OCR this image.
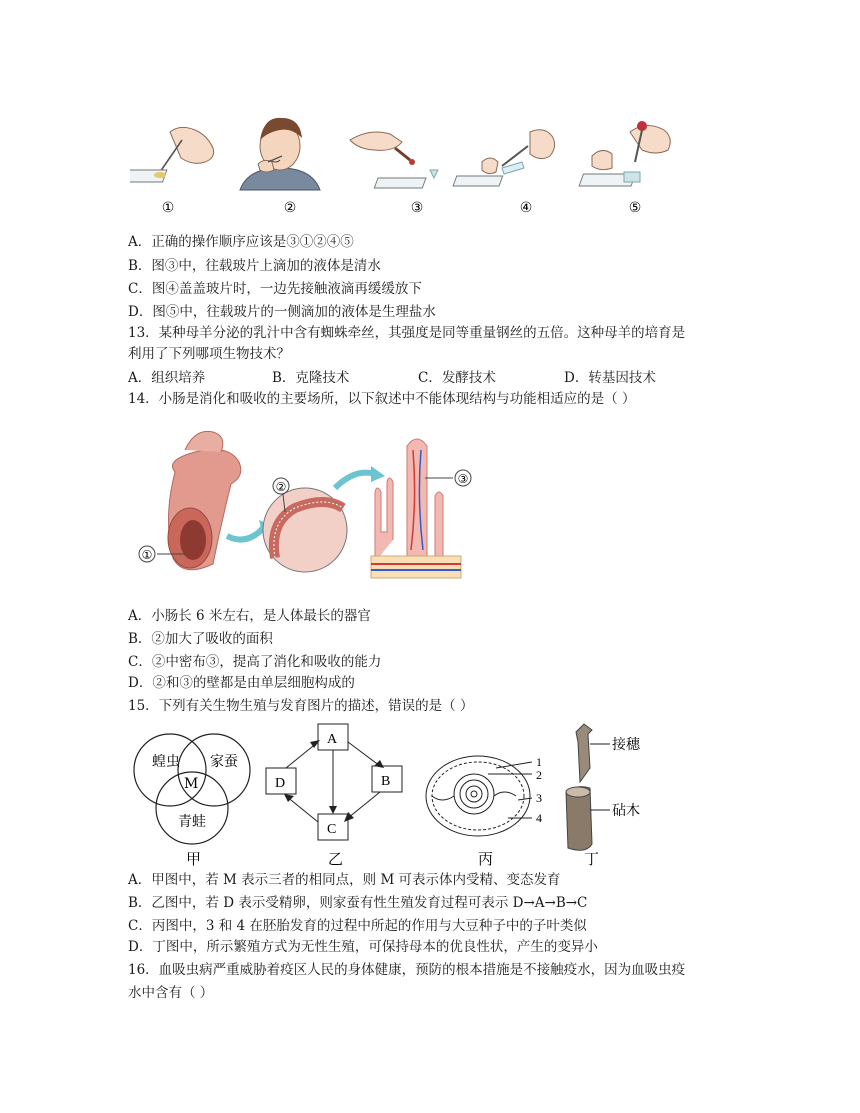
①	②	③	④	⑤
A．正确的操作顺序应该是③①②④⑤
B．图③中，往载玻片上滴加的液体是清水
C．图④盖盖玻片时，一边先接触液滴再缓缓放下
D．图⑤中，往载玻片的一侧滴加的液体是生理盐水
13．某种母羊分泌的乳汁中含有蜘蛛牵丝，其强度是同等重量钢丝的五倍。这种母羊的培育是
利用了下列哪项生物技术？
A．组织培养	B．克隆技术	C．发酵技术	D．转基因技术
14．小肠是消化和吸收的主要场所，以下叙述中不能体现结构与功能相适应的是（ ）
①
②
③
A．小肠长 6 米左右，是人体最长的器官
B．②加大了吸收的面积
C．②中密布③，提高了消化和吸收的能力
D．②和③的壁都是由单层细胞构成的
15．下列有关生物生殖与发育图片的描述，错误的是（ ）
蝗虫 家蚕
青蛙
M
A
B
C
D
1
2
3
4
接穗
砧木
甲	乙	丙	丁
A．甲图中，若 M 表示三者的相同点，则 M 可表示体内受精、变态发育
B．乙图中，若 D 表示受精卵，则家蚕有性生殖发育过程可表示 D→A→B→C
C．丙图中，3 和 4 在胚胎发育的过程中所起的作用与大豆种子中的子叶类似
D．丁图中，所示繁殖方式为无性生殖，可保持母本的优良性状，产生的变异小
16．血吸虫病严重威胁着疫区人民的身体健康，预防的根本措施是不接触疫水，因为血吸虫疫
水中含有（ ）
